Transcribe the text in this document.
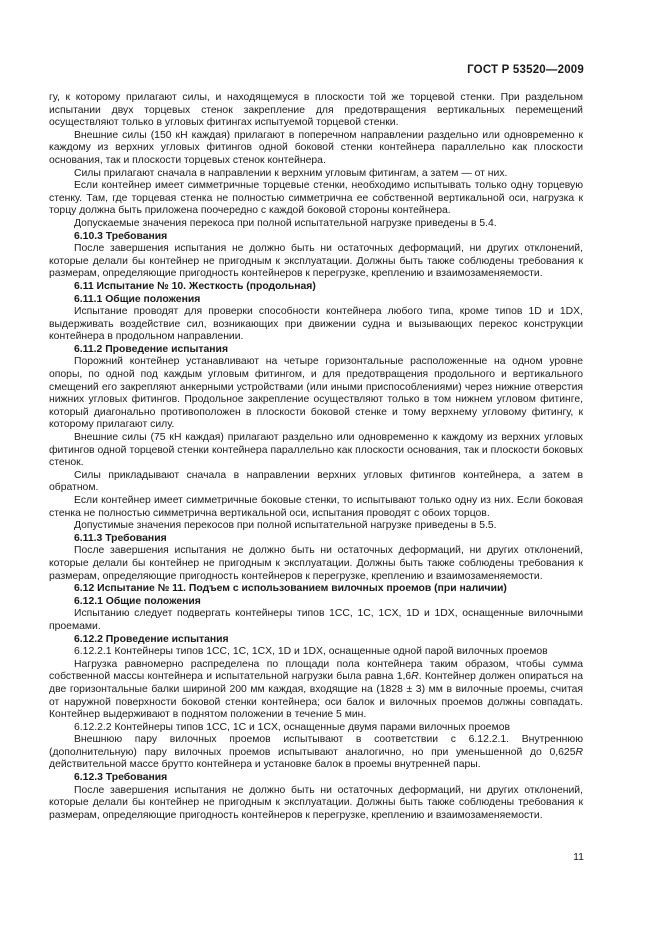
ГОСТ Р 53520—2009

гу, к которому прилагают силы, и находящемуся в плоскости той же торцевой стенки. При раздельном испытании двух торцевых стенок закрепление для предотвращения вертикальных перемещений осуществляют только в угловых фитингах испытуемой торцевой стенки.

Внешние силы (150 кН каждая) прилагают в поперечном направлении раздельно или одновременно к каждому из верхних угловых фитингов одной боковой стенки контейнера параллельно как плоскости основания, так и плоскости торцевых стенок контейнера.

Силы прилагают сначала в направлении к верхним угловым фитингам, а затем — от них.

Если контейнер имеет симметричные торцевые стенки, необходимо испытывать только одну торцевую стенку. Там, где торцевая стенка не полностью симметрична ее собственной вертикальной оси, нагрузка к торцу должна быть приложена поочередно с каждой боковой стороны контейнера.

Допускаемые значения перекоса при полной испытательной нагрузке приведены в 5.4.

6.10.3 Требования

После завершения испытания не должно быть ни остаточных деформаций, ни других отклонений, которые делали бы контейнер не пригодным к эксплуатации. Должны быть также соблюдены требования к размерам, определяющие пригодность контейнеров к перегрузке, креплению и взаимозаменяемости.

6.11 Испытание № 10. Жесткость (продольная)
6.11.1 Общие положения

Испытание проводят для проверки способности контейнера любого типа, кроме типов 1D и 1DX, выдерживать воздействие сил, возникающих при движении судна и вызывающих перекос конструкции контейнера в продольном направлении.

6.11.2 Проведение испытания

Порожний контейнер устанавливают на четыре горизонтальные расположенные на одном уровне опоры, по одной под каждым угловым фитингом, и для предотвращения продольного и вертикального смещений его закрепляют анкерными устройствами (или иными приспособлениями) через нижние отверстия нижних угловых фитингов. Продольное закрепление осуществляют только в том нижнем угловом фитинге, который диагонально противоположен в плоскости боковой стенке и тому верхнему угловому фитингу, к которому прилагают силу.

Внешние силы (75 кН каждая) прилагают раздельно или одновременно к каждому из верхних угловых фитингов одной торцевой стенки контейнера параллельно как плоскости основания, так и плоскости боковых стенок.

Силы прикладывают сначала в направлении верхних угловых фитингов контейнера, а затем в обратном.

Если контейнер имеет симметричные боковые стенки, то испытывают только одну из них. Если боковая стенка не полностью симметрична вертикальной оси, испытания проводят с обоих торцов.

Допустимые значения перекосов при полной испытательной нагрузке приведены в 5.5.

6.11.3 Требования

После завершения испытания не должно быть ни остаточных деформаций, ни других отклонений, которые делали бы контейнер не пригодным к эксплуатации. Должны быть также соблюдены требования к размерам, определяющие пригодность контейнеров к перегрузке, креплению и взаимозаменяемости.

6.12 Испытание № 11. Подъем с использованием вилочных проемов (при наличии)
6.12.1 Общие положения

Испытанию следует подвергать контейнеры типов 1CC, 1C, 1CX, 1D и 1DX, оснащенные вилочными проемами.

6.12.2 Проведение испытания

6.12.2.1 Контейнеры типов 1CC, 1C, 1CX, 1D и 1DX, оснащенные одной парой вилочных проемов

Нагрузка равномерно распределена по площади пола контейнера таким образом, чтобы сумма собственной массы контейнера и испытательной нагрузки была равна 1,6R. Контейнер должен опираться на две горизонтальные балки шириной 200 мм каждая, входящие на (1828 ± 3) мм в вилочные проемы, считая от наружной поверхности боковой стенки контейнера; оси балок и вилочных проемов должны совпадать. Контейнер выдерживают в поднятом положении в течение 5 мин.

6.12.2.2 Контейнеры типов 1CC, 1C и 1CX, оснащенные двумя парами вилочных проемов

Внешнюю пару вилочных проемов испытывают в соответствии с 6.12.2.1. Внутреннюю (дополнительную) пару вилочных проемов испытывают аналогично, но при уменьшенной до 0,625R действительной массе брутто контейнера и установке балок в проемы внутренней пары.

6.12.3 Требования

После завершения испытания не должно быть ни остаточных деформаций, ни других отклонений, которые делали бы контейнер не пригодным к эксплуатации. Должны быть также соблюдены требования к размерам, определяющие пригодность контейнеров к перегрузке, креплению и взаимозаменяемости.

11
